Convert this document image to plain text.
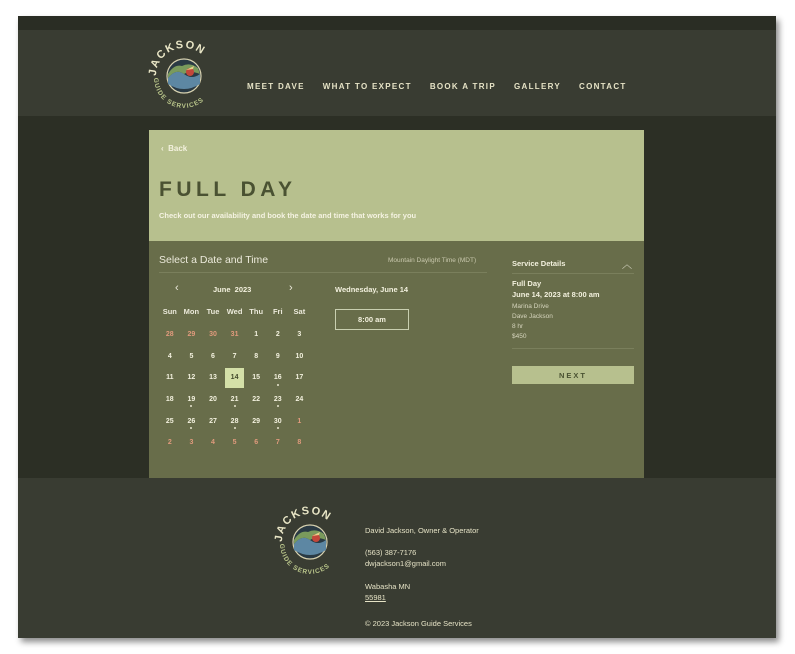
JACKSON
GUIDE SERVICES
MEET DAVE WHAT TO EXPECT BOOK A TRIP GALLERY CONTACT
‹ Back
FULL DAY
Check out our availability and book the date and time that works for you
Select a Date and Time	Mountain Daylight Time (MDT)
‹	June  2023	›
Sun Mon	Tue Wed Thu	Fri	Sat
28 29 30 31 1	2	3
4	5	6	7	8	9 10
11 12 13 14 15 16 17
18 19 20 21 22 23 24
25 26 27 28 29 30 1
2	3	4	5	6	7	8
Wednesday, June 14
8:00 am
Service Details	︿
Full Day
June 14, 2023 at 8:00 am
Marina Drive
Dave Jackson
8 hr
$450
NEXT
JACKSON
GUIDE SERVICES
David Jackson, Owner & Operator
(563) 387-7176
dwjackson1@gmail.com
Wabasha MN
55981
© 2023 Jackson Guide Services
